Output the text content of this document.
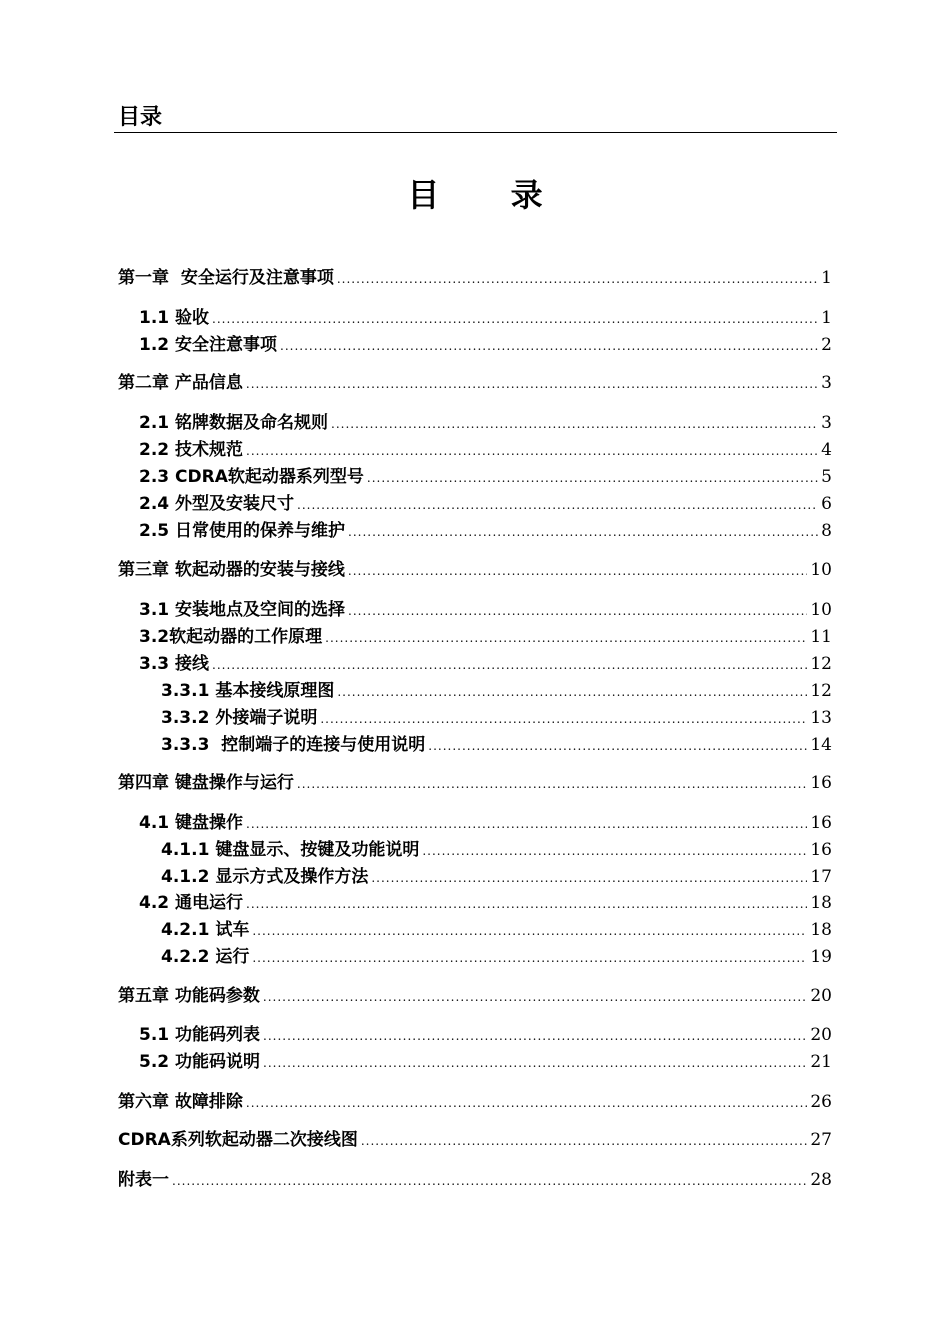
目录
目 录
第一章  安全运行及注意事项 .....	1
1.1 验收 .....	1
1.2 安全注意事项 .....	2
第二章 产品信息 .....	3
2.1 铭牌数据及命名规则 .....	3
2.2 技术规范 .....	4
2.3 CDRA软起动器系列型号 .....	5
2.4 外型及安装尺寸 .....	6
2.5 日常使用的保养与维护 .....	8
第三章 软起动器的安装与接线 .....	10
3.1 安装地点及空间的选择 .....	10
3.2软起动器的工作原理 .....	11
3.3 接线 .....	12
3.3.1 基本接线原理图 .....	12
3.3.2 外接端子说明 .....	13
3.3.3  控制端子的连接与使用说明 .....	14
第四章 键盘操作与运行 .....	16
4.1 键盘操作 .....	16
4.1.1 键盘显示、按键及功能说明 .....	16
4.1.2 显示方式及操作方法 .....	17
4.2 通电运行 .....	18
4.2.1 试车 .....	18
4.2.2 运行 .....	19
第五章 功能码参数 .....	20
5.1 功能码列表 .....	20
5.2 功能码说明 .....	21
第六章 故障排除 .....	26
CDRA系列软起动器二次接线图 .....	27
附表一 .....	28
